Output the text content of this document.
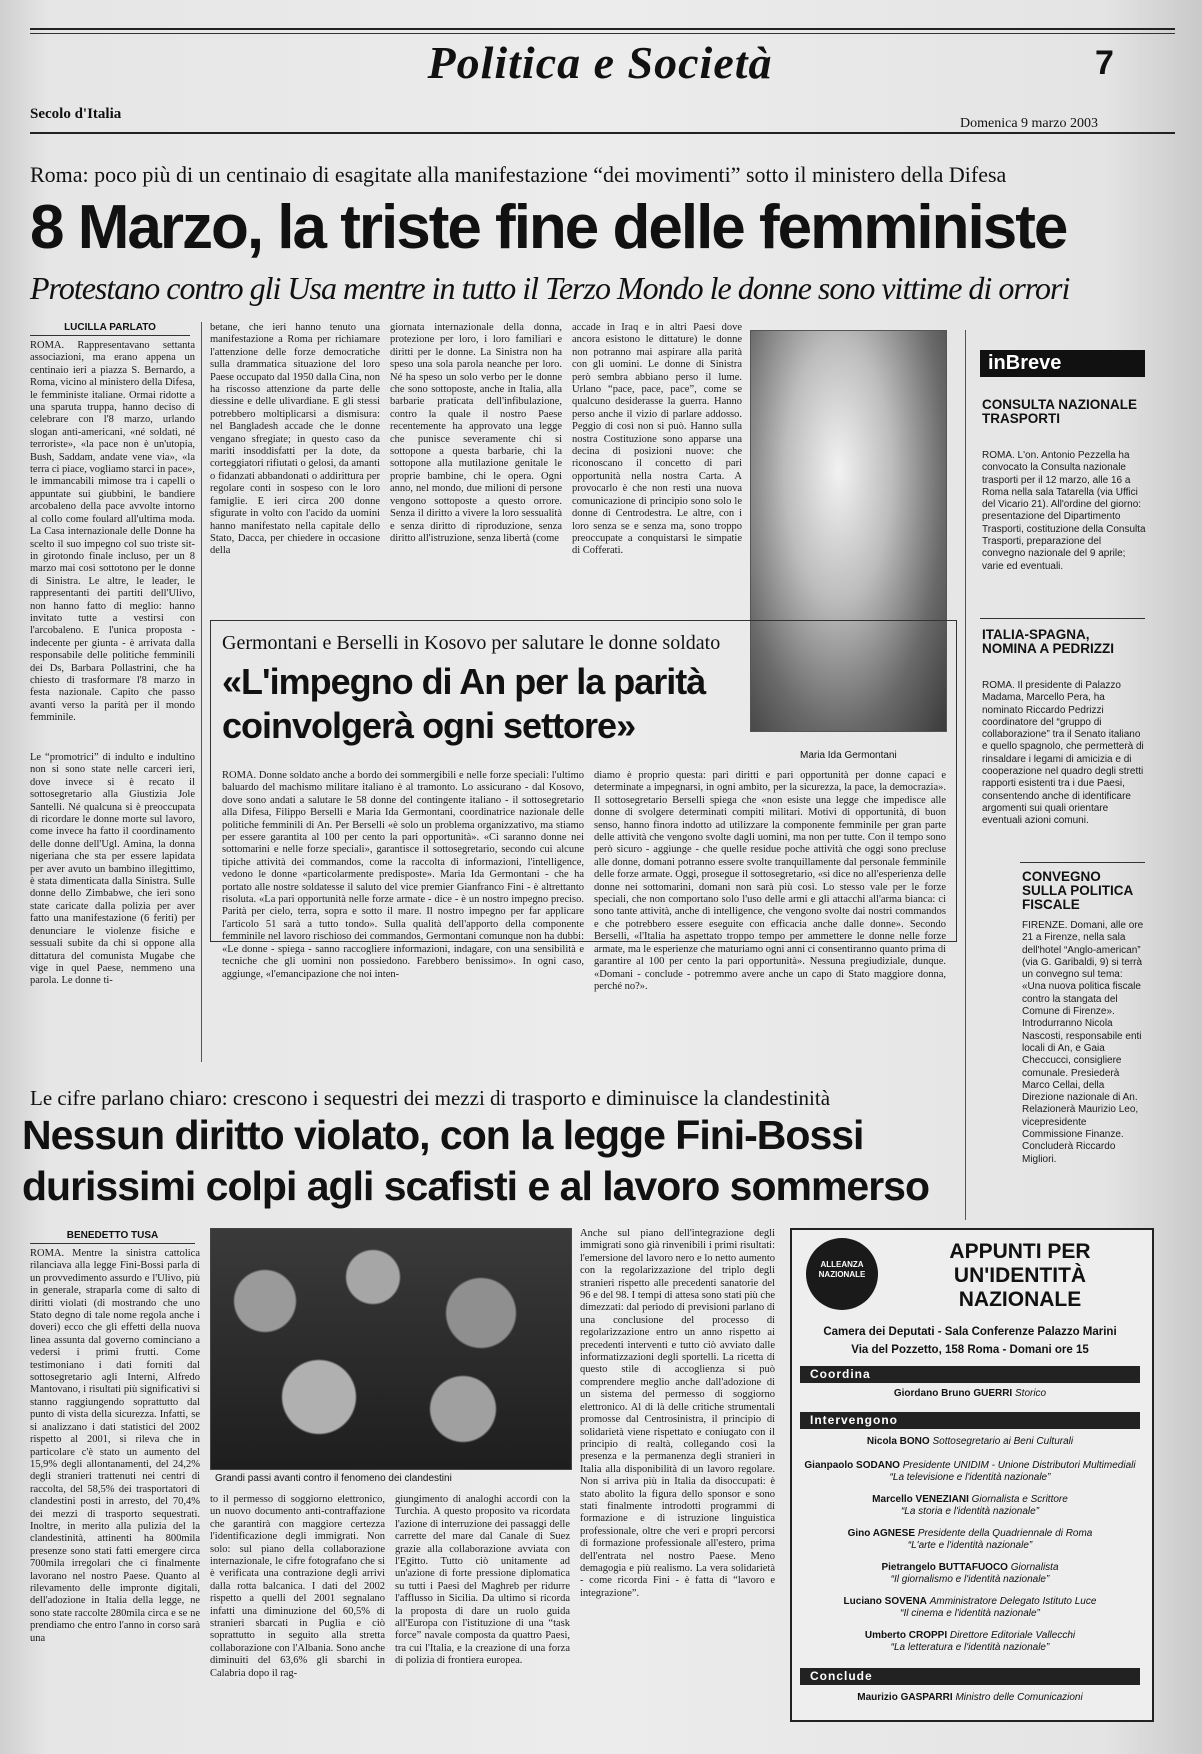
Politica e Società	7
Secolo d'Italia
Domenica 9 marzo 2003
Roma: poco più di un centinaio di esagitate alla manifestazione “dei movimenti” sotto il ministero della Difesa
8 Marzo, la triste fine delle femministe
Protestano contro gli Usa mentre in tutto il Terzo Mondo le donne sono vittime di orrori
LUCILLA PARLATO
ROMA. Rappresentavano settanta associazioni, ma erano appena un centinaio ieri a piazza S. Bernardo, a Roma, vicino al ministero della Difesa, le femministe italiane. Ormai ridotte a una sparuta truppa, hanno deciso di celebrare con l'8 marzo, urlando slogan anti-americani, «né soldati, né terroriste», «la pace non è un'utopia, Bush, Saddam, andate vene via», «la terra ci piace, vogliamo starci in pace», le immancabili mimose tra i capelli o appuntate sui giubbini, le bandiere arcobaleno della pace avvolte intorno al collo come foulard all'ultima moda. La Casa internazionale delle Donne ha scelto il suo impegno col suo triste sit-in girotondo finale incluso, per un 8 marzo mai così sottotono per le donne di Sinistra. Le altre, le leader, le rappresentanti dei partiti dell'Ulivo, non hanno fatto di meglio: hanno invitato tutte a vestirsi con l'arcobaleno. E l'unica proposta - indecente per giunta - è arrivata dalla responsabile delle politiche femminili dei Ds, Barbara Pollastrini, che ha chiesto di trasformare l'8 marzo in festa nazionale. Capito che passo avanti verso la parità per il mondo femminile.
Le “promotrici” di indulto e indultino non si sono state nelle carceri ieri, dove invece si è recato il sottosegretario alla Giustizia Jole Santelli. Né qualcuna si è preoccupata di ricordare le donne morte sul lavoro, come invece ha fatto il coordinamento delle donne dell'Ugl. Amina, la donna nigeriana che sta per essere lapidata per aver avuto un bambino illegittimo, è stata dimenticata dalla Sinistra. Sulle donne dello Zimbabwe, che ieri sono state caricate dalla polizia per aver fatto una manifestazione (6 feriti) per denunciare le violenze fisiche e sessuali subite da chi si oppone alla dittatura del comunista Mugabe che vige in quel Paese, nemmeno una parola. Le donne ti-
betane, che ieri hanno tenuto una manifestazione a Roma per richiamare l'attenzione delle forze democratiche sulla drammatica situazione del loro Paese occupato dal 1950 dalla Cina, non ha riscosso attenzione da parte delle diessine e delle ulivardiane. E gli stessi potrebbero moltiplicarsi a dismisura: nel Bangladesh accade che le donne vengano sfregiate; in questo caso da mariti insoddisfatti per la dote, da corteggiatori rifiutati o gelosi, da amanti o fidanzati abbandonati o addirittura per regolare conti in sospeso con le loro famiglie. E ieri circa 200 donne sfigurate in volto con l'acido da uomini hanno manifestato nella capitale dello Stato, Dacca, per chiedere in occasione della
giornata internazionale della donna, protezione per loro, i loro familiari e diritti per le donne. La Sinistra non ha speso una sola parola neanche per loro. Né ha speso un solo verbo per le donne che sono sottoposte, anche in Italia, alla barbarie praticata dell'infibulazione, contro la quale il nostro Paese recentemente ha approvato una legge che punisce severamente chi si sottopone a questa barbarie, chi la sottopone alla mutilazione genitale le proprie bambine, chi le opera. Ogni anno, nel mondo, due milioni di persone vengono sottoposte a questo orrore. Senza il diritto a vivere la loro sessualità e senza diritto di riproduzione, senza diritto all'istruzione, senza libertà (come
accade in Iraq e in altri Paesi dove ancora esistono le dittature) le donne non potranno mai aspirare alla parità con gli uomini. Le donne di Sinistra però sembra abbiano perso il lume. Urlano “pace, pace, pace”, come se qualcuno desiderasse la guerra. Hanno perso anche il vizio di parlare addosso. Peggio di così non si può. Hanno sulla nostra Costituzione sono apparse una decina di posizioni nuove: che riconoscano il concetto di pari opportunità nella nostra Carta. A provocarlo è che non resti una nuova comunicazione di principio sono solo le donne di Centrodestra. Le altre, con i loro senza se e senza ma, sono troppo preoccupate a conquistarsi le simpatie di Cofferati.
Maria Ida Germontani
inBreve
CONSULTA NAZIONALE TRASPORTI
ROMA. L'on. Antonio Pezzella ha convocato la Consulta nazionale trasporti per il 12 marzo, alle 16 a Roma nella sala Tatarella (via Uffici del Vicario 21). All'ordine del giorno: presentazione del Dipartimento Trasporti, costituzione della Consulta Trasporti, preparazione del convegno nazionale del 9 aprile; varie ed eventuali.
ITALIA-SPAGNA, NOMINA A PEDRIZZI
ROMA. Il presidente di Palazzo Madama, Marcello Pera, ha nominato Riccardo Pedrizzi coordinatore del “gruppo di collaborazione” tra il Senato italiano e quello spagnolo, che permetterà di rinsaldare i legami di amicizia e di cooperazione nel quadro degli stretti rapporti esistenti tra i due Paesi, consentendo anche di identificare argomenti sui quali orientare eventuali azioni comuni.
CONVEGNO SULLA POLITICA FISCALE
FIRENZE. Domani, alle ore 21 a Firenze, nella sala dell'hotel “Anglo-american” (via G. Garibaldi, 9) si terrà un convegno sul tema: «Una nuova politica fiscale contro la stangata del Comune di Firenze». Introdurranno Nicola Nascosti, responsabile enti locali di An, e Gaia Checcucci, consigliere comunale. Presiederà Marco Cellai, della Direzione nazionale di An. Relazionerà Maurizio Leo, vicepresidente Commissione Finanze. Concluderà Riccardo Migliori.
Germontani e Berselli in Kosovo per salutare le donne soldato
«L'impegno di An per la parità coinvolgerà ogni settore»
ROMA. Donne soldato anche a bordo dei sommergibili e nelle forze speciali: l'ultimo baluardo del machismo militare italiano è al tramonto. Lo assicurano - dal Kosovo, dove sono andati a salutare le 58 donne del contingente italiano - il sottosegretario alla Difesa, Filippo Berselli e Maria Ida Germontani, coordinatrice nazionale delle politiche femminili di An. Per Berselli «è solo un problema organizzativo, ma stiamo per essere garantita al 100 per cento la pari opportunità». «Ci saranno donne nei sottomarini e nelle forze speciali», garantisce il sottosegretario, secondo cui alcune tipiche attività dei commandos, come la raccolta di informazioni, l'intelligence, vedono le donne «particolarmente predisposte». Maria Ida Germontani - che ha portato alle nostre soldatesse il saluto del vice premier Gianfranco Fini - è altrettanto risoluta. «La pari opportunità nelle forze armate - dice - è un nostro impegno preciso. Parità per cielo, terra, sopra e sotto il mare. Il nostro impegno per far applicare l'articolo 51 sarà a tutto tondo». Sulla qualità dell'apporto della componente femminile nel lavoro rischioso dei commandos, Germontani comunque non ha dubbi: «Le donne - spiega - sanno raccogliere informazioni, indagare, con una sensibilità e tecniche che gli uomini non possiedono. Farebbero benissimo». In ogni caso, aggiunge, «l'emancipazione che noi inten-
diamo è proprio questa: pari diritti e pari opportunità per donne capaci e determinate a impegnarsi, in ogni ambito, per la sicurezza, la pace, la democrazia». Il sottosegretario Berselli spiega che «non esiste una legge che impedisce alle donne di svolgere determinati compiti militari. Motivi di opportunità, di buon senso, hanno finora indotto ad utilizzare la componente femminile per gran parte delle attività che vengono svolte dagli uomini, ma non per tutte. Con il tempo sono però sicuro - aggiunge - che quelle residue poche attività che oggi sono precluse alle donne, domani potranno essere svolte tranquillamente dal personale femminile delle forze armate. Oggi, prosegue il sottosegretario, «si dice no all'esperienza delle donne nei sottomarini, domani non sarà più così. Lo stesso vale per le forze speciali, che non comportano solo l'uso delle armi e gli attacchi all'arma bianca: ci sono tante attività, anche di intelligence, che vengono svolte dai nostri commandos e che potrebbero essere eseguite con efficacia anche dalle donne». Secondo Berselli, «l'Italia ha aspettato troppo tempo per ammettere le donne nelle forze armate, ma le esperienze che maturiamo ogni anni ci consentiranno quanto prima di garantire al 100 per cento la pari opportunità». Nessuna pregiudiziale, dunque. «Domani - conclude - potremmo avere anche un capo di Stato maggiore donna, perché no?».
Le cifre parlano chiaro: crescono i sequestri dei mezzi di trasporto e diminuisce la clandestinità
Nessun diritto violato, con la legge Fini-Bossi
durissimi colpi agli scafisti e al lavoro sommerso
BENEDETTO TUSA
ROMA. Mentre la sinistra cattolica rilanciava alla legge Fini-Bossi parla di un provvedimento assurdo e l'Ulivo, più in generale, straparla come di salto di diritti violati (di mostrando che uno Stato degno di tale nome regola anche i doveri) ecco che gli effetti della nuova linea assunta dal governo cominciano a vedersi i primi frutti. Come testimoniano i dati forniti dal sottosegretario agli Interni, Alfredo Mantovano, i risultati più significativi si stanno raggiungendo soprattutto dal punto di vista della sicurezza. Infatti, se si analizzano i dati statistici del 2002 rispetto al 2001, si rileva che in particolare c'è stato un aumento del 15,9% degli allontanamenti, del 24,2% degli stranieri trattenuti nei centri di raccolta, del 58,5% dei trasportatori di clandestini posti in arresto, del 70,4% dei mezzi di trasporto sequestrati. Inoltre, in merito alla pulizia del la clandestinità, attinenti ha 800mila presenze sono stati fatti emergere circa 700mila irregolari che ci finalmente lavorano nel nostro Paese. Quanto al rilevamento delle impronte digitali, dell'adozione in Italia della legge, ne sono state raccolte 280mila circa e se ne prendiamo che entro l'anno in corso sarà una
Grandi passi avanti contro il fenomeno dei clandestini
to il permesso di soggiorno elettronico, un nuovo documento anti-contraffazione che garantirà con maggiore certezza l'identificazione degli immigrati. Non solo: sul piano della collaborazione internazionale, le cifre fotografano che si è verificata una contrazione degli arrivi dalla rotta balcanica. I dati del 2002 rispetto a quelli del 2001 segnalano infatti una diminuzione del 60,5% di stranieri sbarcati in Puglia e ciò soprattutto in seguito alla stretta collaborazione con l'Albania. Sono anche diminuiti del 63,6% gli sbarchi in Calabria dopo il rag-
giungimento di analoghi accordi con la Turchia. A questo proposito va ricordata l'azione di interruzione dei passaggi delle carrette del mare dal Canale di Suez grazie alla collaborazione avviata con l'Egitto. Tutto ciò unitamente ad un'azione di forte pressione diplomatica su tutti i Paesi del Maghreb per ridurre l'afflusso in Sicilia. Da ultimo si ricorda la proposta di dare un ruolo guida all'Europa con l'istituzione di una “task force” navale composta da quattro Paesi, tra cui l'Italia, e la creazione di una forza di polizia di frontiera europea.
Anche sul piano dell'integrazione degli immigrati sono già rinvenibili i primi risultati: l'emersione del lavoro nero e lo netto aumento con la regolarizzazione del triplo degli stranieri rispetto alle precedenti sanatorie del 96 e del 98. I tempi di attesa sono stati più che dimezzati: dal periodo di previsioni parlano di una conclusione del processo di regolarizzazione entro un anno rispetto ai precedenti interventi e tutto ciò avviato dalle informatizzazioni degli sportelli. La ricetta di questo stile di accoglienza si può comprendere meglio anche dall'adozione di un sistema del permesso di soggiorno elettronico. Al di là delle critiche strumentali promosse dal Centrosinistra, il principio di solidarietà viene rispettato e coniugato con il principio di realtà, collegando così la presenza e la permanenza degli stranieri in Italia alla disponibilità di un lavoro regolare. Non si arriva più in Italia da disoccupati: è stato abolito la figura dello sponsor e sono stati finalmente introdotti programmi di formazione e di istruzione linguistica professionale, oltre che veri e propri percorsi di formazione professionale all'estero, prima dell'entrata nel nostro Paese. Meno demagogia e più realismo. La vera solidarietà - come ricorda Fini - è fatta di “lavoro e integrazione”.
ALLEANZA NAZIONALE
APPUNTI PER UN'IDENTITÀ NAZIONALE
Camera dei Deputati - Sala Conferenze Palazzo Marini
Via del Pozzetto, 158 Roma - Domani ore 15
Coordina
Giordano Bruno GUERRI Storico
Intervengono
Nicola BONO Sottosegretario ai Beni Culturali
Gianpaolo SODANO Presidente UNIDIM - Unione Distributori Multimediali
“La televisione e l'identità nazionale”
Marcello VENEZIANI Giornalista e Scrittore
“La storia e l'identità nazionale”
Gino AGNESE Presidente della Quadriennale di Roma
“L'arte e l'identità nazionale”
Pietrangelo BUTTAFUOCO Giornalista
“Il giornalismo e l'identità nazionale”
Luciano SOVENA Amministratore Delegato Istituto Luce
“Il cinema e l'identità nazionale”
Umberto CROPPI Direttore Editoriale Vallecchi
“La letteratura e l'identità nazionale”
Conclude
Maurizio GASPARRI Ministro delle Comunicazioni
